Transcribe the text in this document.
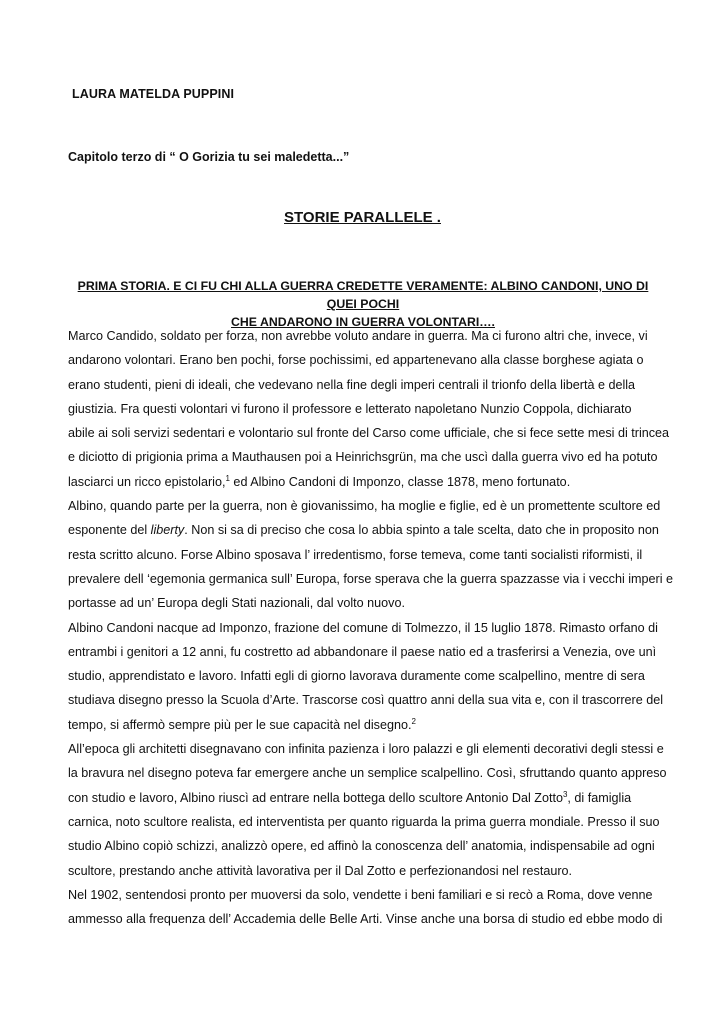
LAURA MATELDA PUPPINI
Capitolo terzo di “ O Gorizia tu sei maledetta...”
STORIE PARALLELE .
PRIMA STORIA. E CI FU CHI ALLA GUERRA CREDETTE VERAMENTE: ALBINO CANDONI, UNO DI QUEI POCHI
CHE ANDARONO IN GUERRA VOLONTARI….

Marco Candido, soldato per forza, non avrebbe voluto andare in guerra. Ma ci furono altri che, invece, vi
andarono volontari. Erano ben pochi, forse pochissimi, ed appartenevano alla classe borghese agiata o
erano studenti, pieni di ideali, che vedevano nella fine degli imperi centrali il trionfo della libertà e della
giustizia. Fra questi volontari vi furono il professore e letterato napoletano Nunzio Coppola, dichiarato
abile ai soli servizi sedentari e volontario sul fronte del Carso come ufficiale, che si fece sette mesi di trincea
e diciotto di prigionia prima a Mauthausen poi a Heinrichsgrün, ma che uscì dalla guerra vivo ed ha potuto
lasciarci un ricco epistolario,$^1$ ed Albino Candoni di Imponzo, classe 1878, meno fortunato.

Albino, quando parte per la guerra, non è giovanissimo, ha moglie e figlie, ed è un promettente scultore ed
esponente del liberty. Non si sa di preciso che cosa lo abbia spinto a tale scelta, dato che in proposito non
resta scritto alcuno. Forse Albino sposava l’ irredentismo, forse temeva, come tanti socialisti riformisti, il
prevalere dell ‘egemonia germanica sull’ Europa, forse sperava che la guerra spazzasse via i vecchi imperi e
portasse ad un’ Europa degli Stati nazionali, dal volto nuovo.

Albino Candoni nacque ad Imponzo, frazione del comune di Tolmezzo, il 15 luglio 1878. Rimasto orfano di
entrambi i genitori a 12 anni, fu costretto ad abbandonare il paese natio ed a trasferirsi a Venezia, ove unì
studio, apprendistato e lavoro. Infatti egli di giorno lavorava duramente come scalpellino, mentre di sera
studiava disegno presso la Scuola d’Arte. Trascorse così quattro anni della sua vita e, con il trascorrere del
tempo, si affermò sempre più per le sue capacità nel disegno.$^2$

All’epoca gli architetti disegnavano con infinita pazienza i loro palazzi e gli elementi decorativi degli stessi e
la bravura nel disegno poteva far emergere anche un semplice scalpellino. Così, sfruttando quanto appreso
con studio e lavoro, Albino riuscì ad entrare nella bottega dello scultore Antonio Dal Zotto$^3$, di famiglia
carnica, noto scultore realista, ed interventista per quanto riguarda la prima guerra mondiale. Presso il suo
studio Albino copiò schizzi, analizzò opere, ed affinò la conoscenza dell’ anatomia, indispensabile ad ogni
scultore, prestando anche attività lavorativa per il Dal Zotto e perfezionandosi nel restauro.

Nel 1902, sentendosi pronto per muoversi da solo, vendette i beni familiari e si recò a Roma, dove venne
ammesso alla frequenza dell’ Accademia delle Belle Arti. Vinse anche una borsa di studio ed ebbe modo di
